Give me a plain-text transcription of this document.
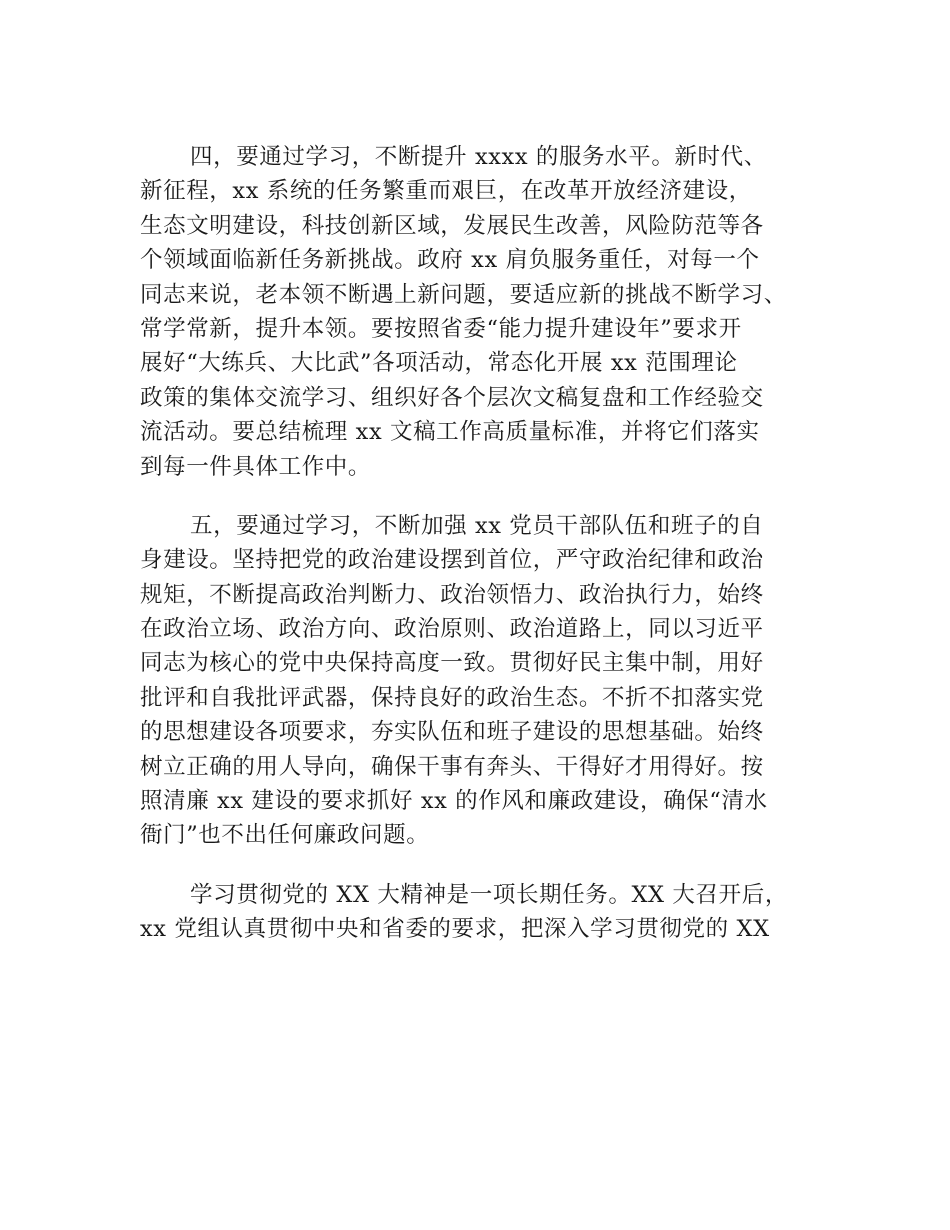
四，要通过学习，不断提升 xxxx 的服务水平。新时代、
新征程，xx 系统的任务繁重而艰巨，在改革开放经济建设，
生态文明建设，科技创新区域，发展民生改善，风险防范等各
个领域面临新任务新挑战。政府 xx 肩负服务重任，对每一个
同志来说，老本领不断遇上新问题，要适应新的挑战不断学习、
常学常新，提升本领。要按照省委“能力提升建设年”要求开
展好“大练兵、大比武”各项活动，常态化开展 xx 范围理论
政策的集体交流学习、组织好各个层次文稿复盘和工作经验交
流活动。要总结梳理 xx 文稿工作高质量标准，并将它们落实
到每一件具体工作中。
五，要通过学习，不断加强 xx 党员干部队伍和班子的自
身建设。坚持把党的政治建设摆到首位，严守政治纪律和政治
规矩，不断提高政治判断力、政治领悟力、政治执行力，始终
在政治立场、政治方向、政治原则、政治道路上，同以习近平
同志为核心的党中央保持高度一致。贯彻好民主集中制，用好
批评和自我批评武器，保持良好的政治生态。不折不扣落实党
的思想建设各项要求，夯实队伍和班子建设的思想基础。始终
树立正确的用人导向，确保干事有奔头、干得好才用得好。按
照清廉 xx 建设的要求抓好 xx 的作风和廉政建设，确保“清水
衙门”也不出任何廉政问题。
学习贯彻党的 XX 大精神是一项长期任务。XX 大召开后，
xx 党组认真贯彻中央和省委的要求，把深入学习贯彻党的 XX
